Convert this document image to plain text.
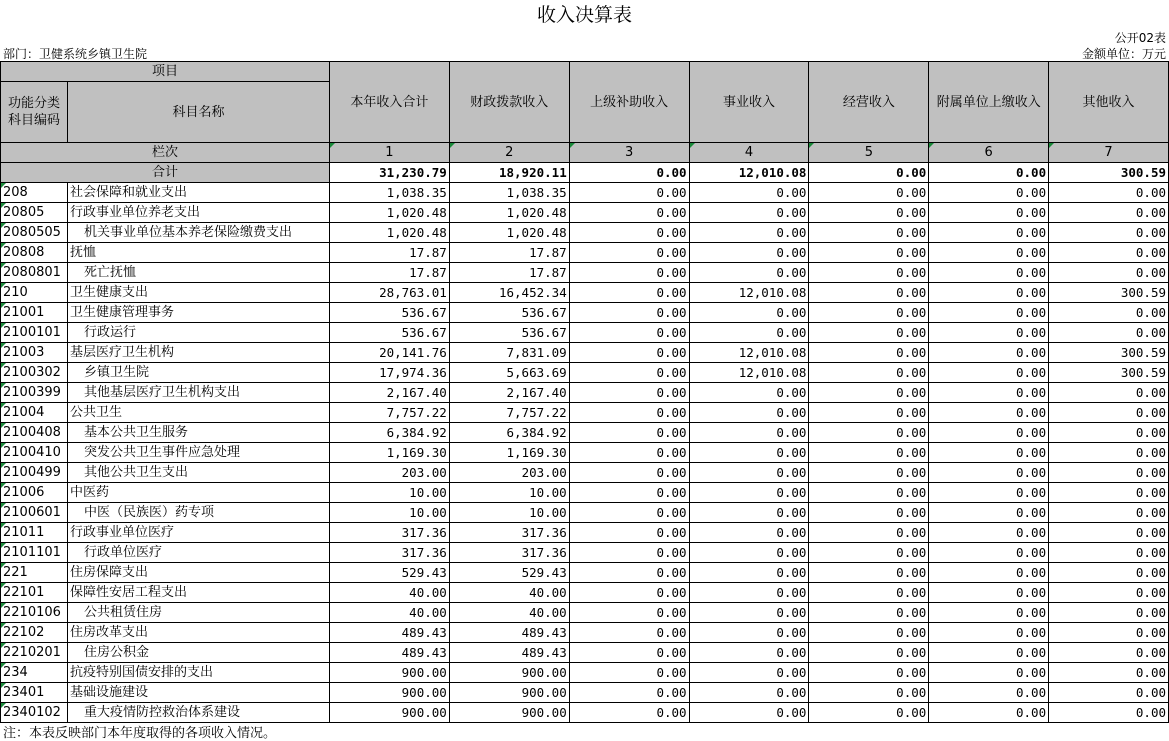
收入决算表
公开02表
部门：卫健系统乡镇卫生院	金额单位：万元
项目		本年收入合计	财政拨款收入	上级补助收入	事业收入	经营收入	附属单位上缴收入	其他收入
功能分类科目编码	科目名称							
栏次		1	2	3	4	5	6	7
合计		31,230.79	18,920.11	0.00	12,010.08	0.00	0.00	300.59
208	社会保障和就业支出	1,038.35	1,038.35	0.00	0.00	0.00	0.00	0.00
20805	行政事业单位养老支出	1,020.48	1,020.48	0.00	0.00	0.00	0.00	0.00
2080505	机关事业单位基本养老保险缴费支出	1,020.48	1,020.48	0.00	0.00	0.00	0.00	0.00
20808	抚恤	17.87	17.87	0.00	0.00	0.00	0.00	0.00
2080801	死亡抚恤	17.87	17.87	0.00	0.00	0.00	0.00	0.00
210	卫生健康支出	28,763.01	16,452.34	0.00	12,010.08	0.00	0.00	300.59
21001	卫生健康管理事务	536.67	536.67	0.00	0.00	0.00	0.00	0.00
2100101	行政运行	536.67	536.67	0.00	0.00	0.00	0.00	0.00
21003	基层医疗卫生机构	20,141.76	7,831.09	0.00	12,010.08	0.00	0.00	300.59
2100302	乡镇卫生院	17,974.36	5,663.69	0.00	12,010.08	0.00	0.00	300.59
2100399	其他基层医疗卫生机构支出	2,167.40	2,167.40	0.00	0.00	0.00	0.00	0.00
21004	公共卫生	7,757.22	7,757.22	0.00	0.00	0.00	0.00	0.00
2100408	基本公共卫生服务	6,384.92	6,384.92	0.00	0.00	0.00	0.00	0.00
2100410	突发公共卫生事件应急处理	1,169.30	1,169.30	0.00	0.00	0.00	0.00	0.00
2100499	其他公共卫生支出	203.00	203.00	0.00	0.00	0.00	0.00	0.00
21006	中医药	10.00	10.00	0.00	0.00	0.00	0.00	0.00
2100601	中医（民族医）药专项	10.00	10.00	0.00	0.00	0.00	0.00	0.00
21011	行政事业单位医疗	317.36	317.36	0.00	0.00	0.00	0.00	0.00
2101101	行政单位医疗	317.36	317.36	0.00	0.00	0.00	0.00	0.00
221	住房保障支出	529.43	529.43	0.00	0.00	0.00	0.00	0.00
22101	保障性安居工程支出	40.00	40.00	0.00	0.00	0.00	0.00	0.00
2210106	公共租赁住房	40.00	40.00	0.00	0.00	0.00	0.00	0.00
22102	住房改革支出	489.43	489.43	0.00	0.00	0.00	0.00	0.00
2210201	住房公积金	489.43	489.43	0.00	0.00	0.00	0.00	0.00
234	抗疫特别国债安排的支出	900.00	900.00	0.00	0.00	0.00	0.00	0.00
23401	基础设施建设	900.00	900.00	0.00	0.00	0.00	0.00	0.00
2340102	重大疫情防控救治体系建设	900.00	900.00	0.00	0.00	0.00	0.00	0.00
注：本表反映部门本年度取得的各项收入情况。
